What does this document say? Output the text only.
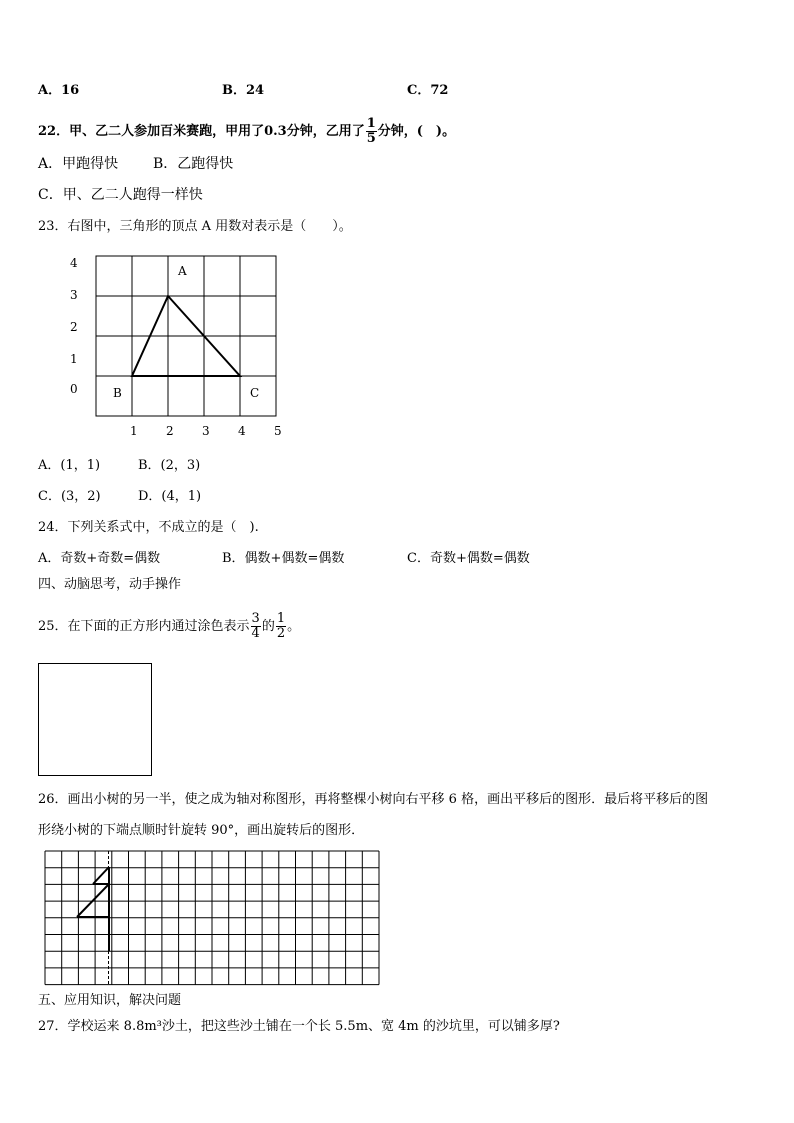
A．16	B．24	C．72
22．甲、乙二人参加百米赛跑，甲用了0.3分钟，乙用了 $\frac{1}{5}$ 分钟，(　)。
A．甲跑得快 B．乙跑得快
C．甲、乙二人跑得一样快
23．右图中，三角形的顶点 A 用数对表示是（　　）。
4
3
2
1
0
1 2 3 4 5
A
B	C
A．(1，1)	B．(2，3)
C．(3，2)	D．(4，1)
24．下列关系式中，不成立的是（　).
A．奇数+奇数=偶数	B．偶数+偶数=偶数	C．奇数+偶数=偶数
四、动脑思考，动手操作
25．在下面的正方形内通过涂色表示 $\frac{3}{4}$ 的 $\frac{1}{2}$ 。
26．画出小树的另一半，使之成为轴对称图形，再将整棵小树向右平移 6 格，画出平移后的图形．最后将平移后的图
形绕小树的下端点顺时针旋转 90°，画出旋转后的图形．
五、应用知识，解决问题
27．学校运来 8.8m³沙土，把这些沙土铺在一个长 5.5m、宽 4m 的沙坑里，可以铺多厚?
